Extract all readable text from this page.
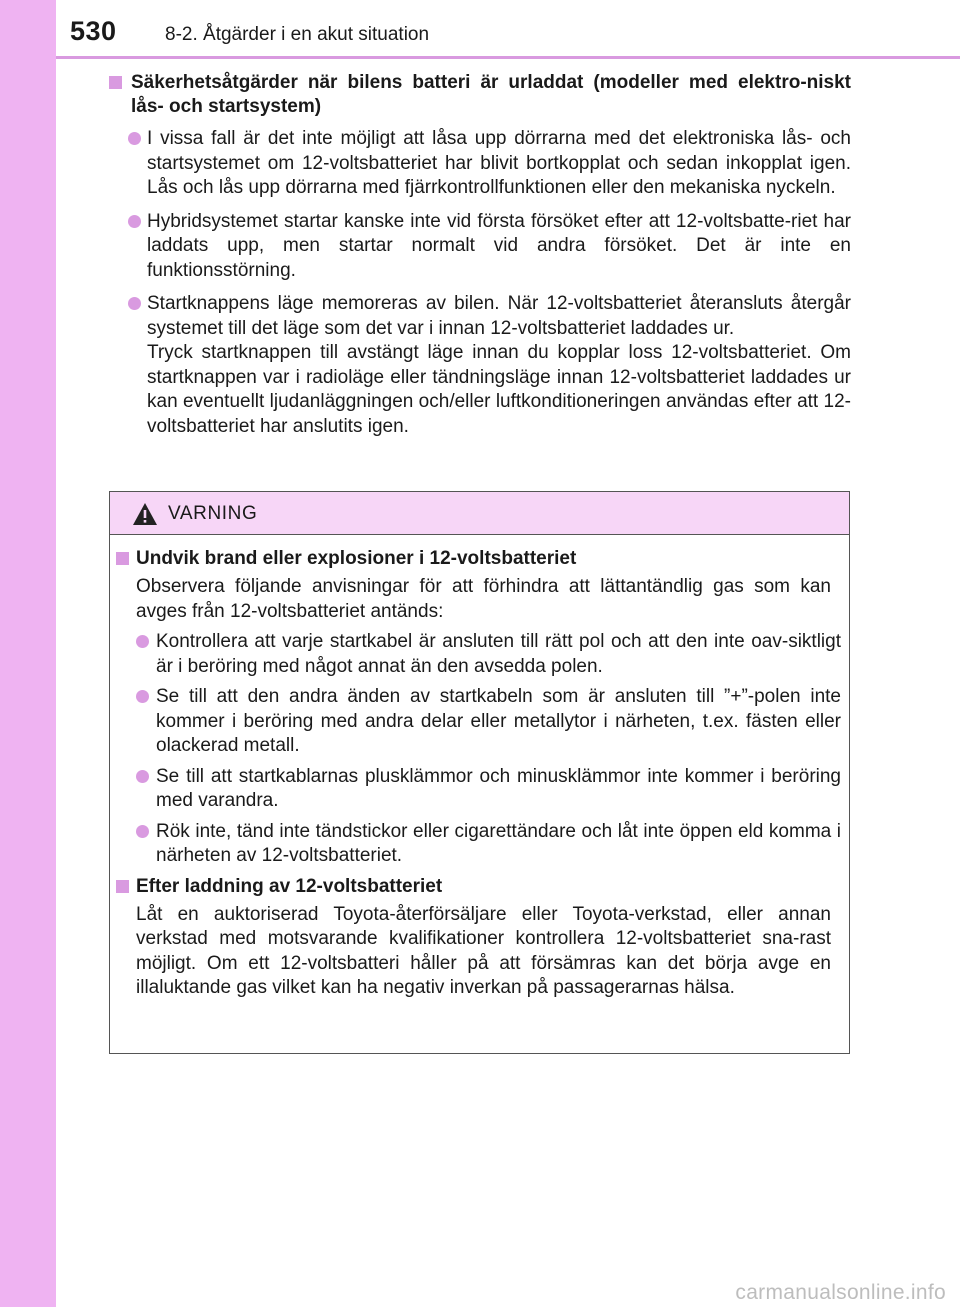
530	8-2. Åtgärder i en akut situation
Säkerhetsåtgärder när bilens batteri är urladdat (modeller med elektro-niskt lås- och startsystem)
I vissa fall är det inte möjligt att låsa upp dörrarna med det elektroniska lås- och startsystemet om 12-voltsbatteriet har blivit bortkopplat och sedan inkopplat igen. Lås och lås upp dörrarna med fjärrkontrollfunktionen eller den mekaniska nyckeln.
Hybridsystemet startar kanske inte vid första försöket efter att 12-voltsbatte-riet har laddats upp, men startar normalt vid andra försöket. Det är inte en funktionsstörning.
Startknappens läge memoreras av bilen. När 12-voltsbatteriet återansluts återgår systemet till det läge som det var i innan 12-voltsbatteriet laddades ur.
Tryck startknappen till avstängt läge innan du kopplar loss 12-voltsbatteriet. Om startknappen var i radioläge eller tändningsläge innan 12-voltsbatteriet laddades ur kan eventuellt ljudanläggningen och/eller luftkonditioneringen användas efter att 12-voltsbatteriet har anslutits igen.
VARNING
Undvik brand eller explosioner i 12-voltsbatteriet
Observera följande anvisningar för att förhindra att lättantändlig gas som kan avges från 12-voltsbatteriet antänds:
Kontrollera att varje startkabel är ansluten till rätt pol och att den inte oav-siktligt är i beröring med något annat än den avsedda polen.
Se till att den andra änden av startkabeln som är ansluten till ”+”-polen inte kommer i beröring med andra delar eller metallytor i närheten, t.ex. fästen eller olackerad metall.
Se till att startkablarnas plusklämmor och minusklämmor inte kommer i beröring med varandra.
Rök inte, tänd inte tändstickor eller cigarettändare och låt inte öppen eld komma i närheten av 12-voltsbatteriet.
Efter laddning av 12-voltsbatteriet
Låt en auktoriserad Toyota-återförsäljare eller Toyota-verkstad, eller annan verkstad med motsvarande kvalifikationer kontrollera 12-voltsbatteriet sna-rast möjligt. Om ett 12-voltsbatteri håller på att försämras kan det börja avge en illaluktande gas vilket kan ha negativ inverkan på passagerarnas hälsa.
carmanualsonline.info
